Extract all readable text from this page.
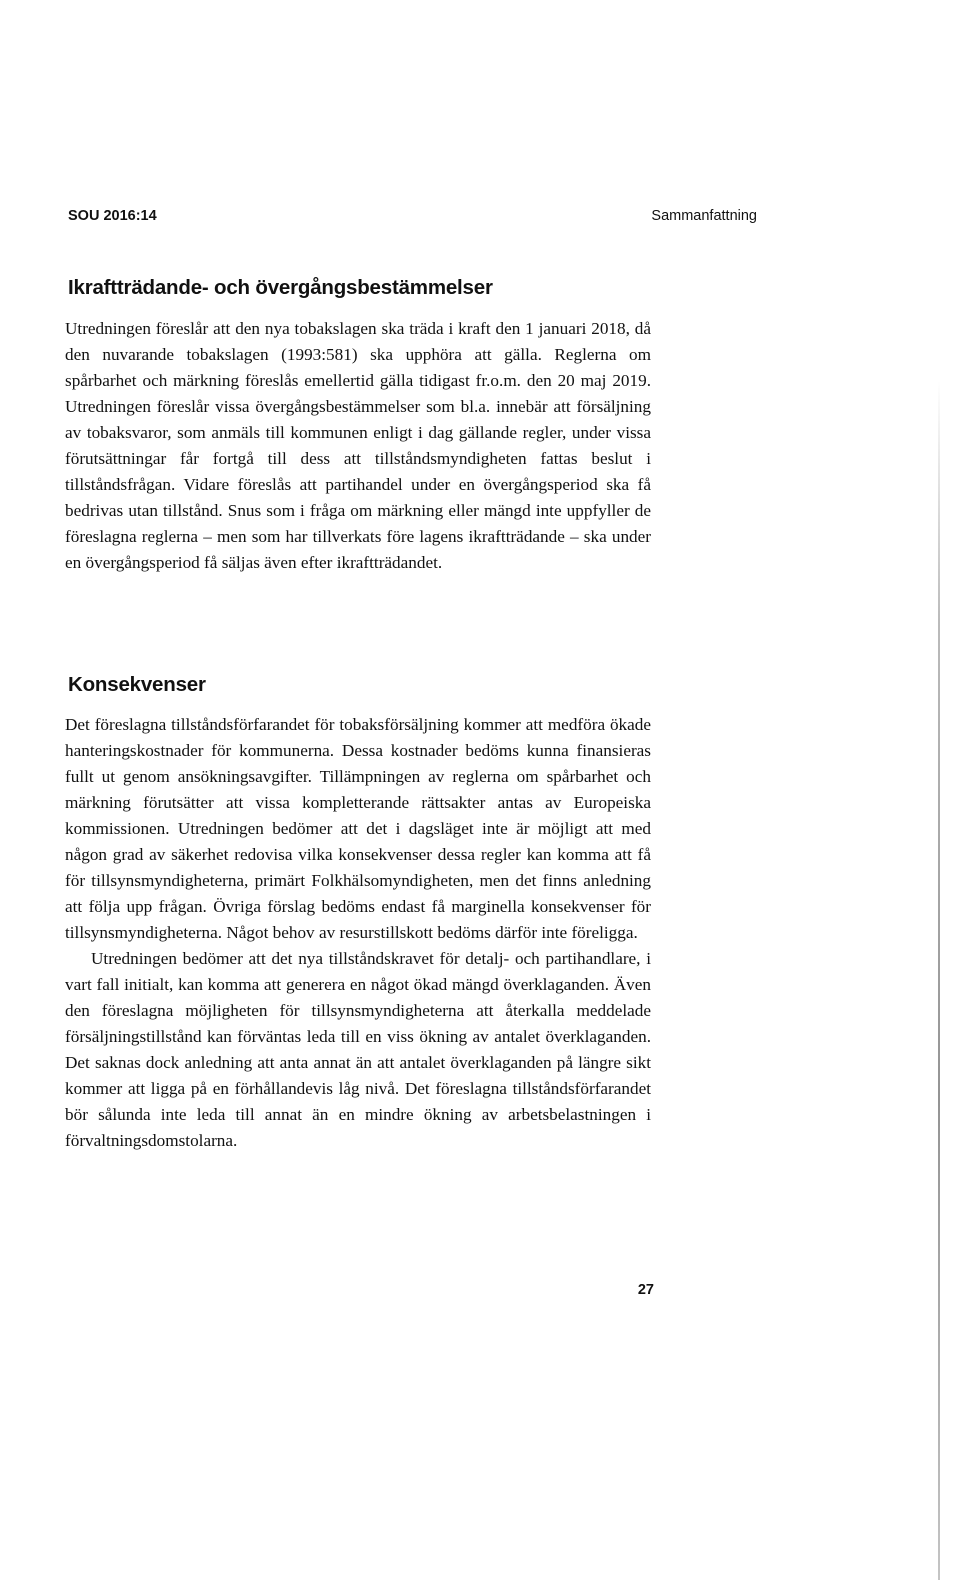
SOU 2016:14	Sammanfattning
Ikraftträdande- och övergångsbestämmelser

Utredningen föreslår att den nya tobakslagen ska träda i kraft den 1 januari 2018, då den nuvarande tobakslagen (1993:581) ska upphöra att gälla. Reglerna om spårbarhet och märkning föreslås emellertid gälla tidigast fr.o.m. den 20 maj 2019. Utredningen föreslår vissa övergångsbestämmelser som bl.a. innebär att försäljning av tobaksvaror, som anmäls till kommunen enligt i dag gällande regler, under vissa förutsättningar får fortgå till dess att tillståndsmyndigheten fattas beslut i tillståndsfrågan. Vidare föreslås att partihandel under en övergångsperiod ska få bedrivas utan tillstånd. Snus som i fråga om märkning eller mängd inte uppfyller de föreslagna reglerna – men som har tillverkats före lagens ikraftträdande – ska under en övergångsperiod få säljas även efter ikraftträdandet.

Konsekvenser

Det föreslagna tillståndsförfarandet för tobaksförsäljning kommer att medföra ökade hanteringskostnader för kommunerna. Dessa kostnader bedöms kunna finansieras fullt ut genom ansökningsavgifter. Tillämpningen av reglerna om spårbarhet och märkning förutsätter att vissa kompletterande rättsakter antas av Europeiska kommissionen. Utredningen bedömer att det i dagsläget inte är möjligt att med någon grad av säkerhet redovisa vilka konsekvenser dessa regler kan komma att få för tillsynsmyndigheterna, primärt Folkhälsomyndigheten, men det finns anledning att följa upp frågan. Övriga förslag bedöms endast få marginella konsekvenser för tillsynsmyndigheterna. Något behov av resurstillskott bedöms därför inte föreligga.

Utredningen bedömer att det nya tillståndskravet för detalj- och partihandlare, i vart fall initialt, kan komma att generera en något ökad mängd överklaganden. Även den föreslagna möjligheten för tillsynsmyndigheterna att återkalla meddelade försäljningstillstånd kan förväntas leda till en viss ökning av antalet överklaganden. Det saknas dock anledning att anta annat än att antalet överklaganden på längre sikt kommer att ligga på en förhållandevis låg nivå. Det föreslagna tillståndsförfarandet bör sålunda inte leda till annat än en mindre ökning av arbetsbelastningen i förvaltningsdomstolarna.

27
